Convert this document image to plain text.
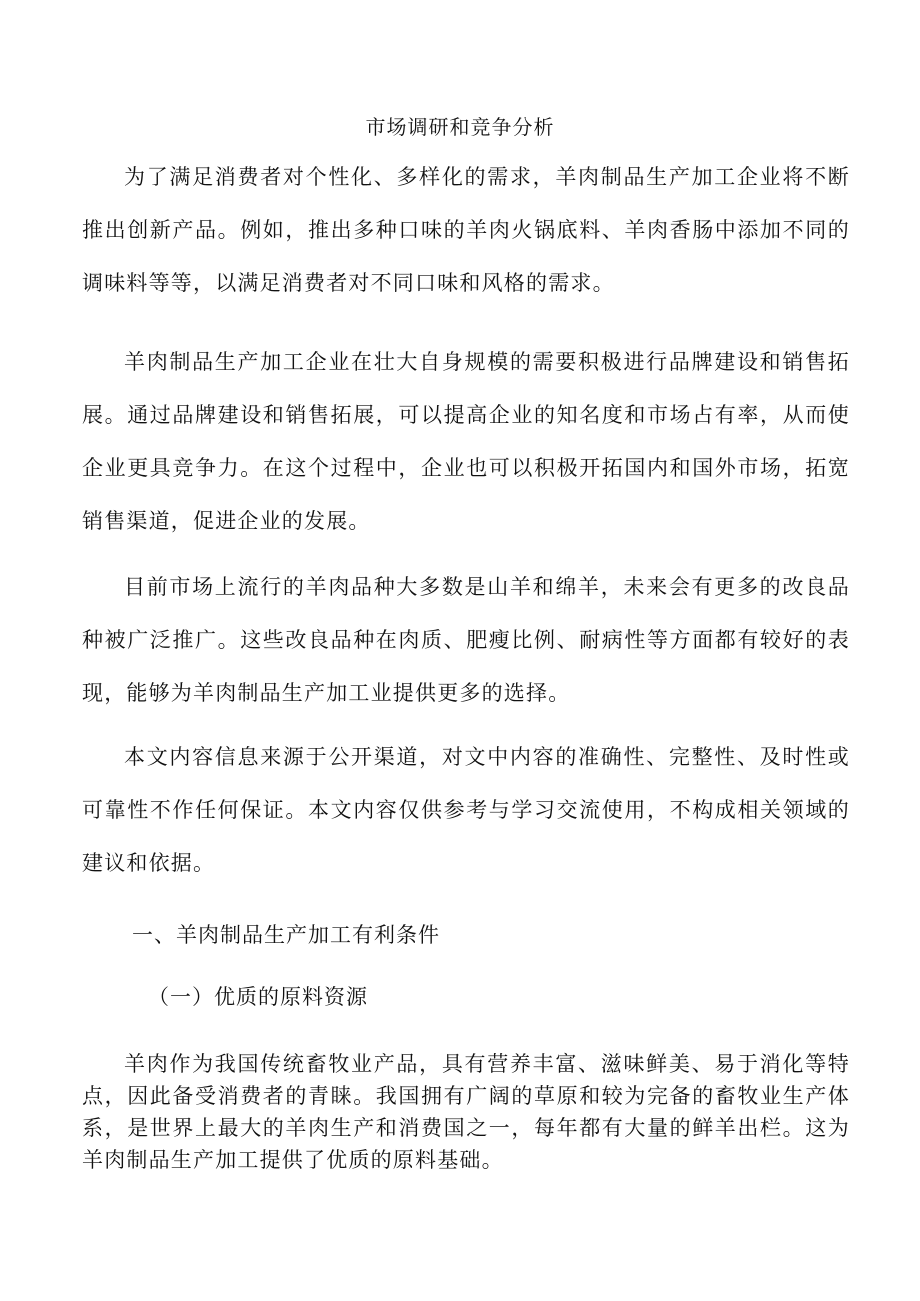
市场调研和竞争分析

为了满足消费者对个性化、多样化的需求，羊肉制品生产加工企业将不断推出创新产品。例如，推出多种口味的羊肉火锅底料、羊肉香肠中添加不同的调味料等等，以满足消费者对不同口味和风格的需求。

羊肉制品生产加工企业在壮大自身规模的需要积极进行品牌建设和销售拓展。通过品牌建设和销售拓展，可以提高企业的知名度和市场占有率，从而使企业更具竞争力。在这个过程中，企业也可以积极开拓国内和国外市场，拓宽销售渠道，促进企业的发展。

目前市场上流行的羊肉品种大多数是山羊和绵羊，未来会有更多的改良品种被广泛推广。这些改良品种在肉质、肥瘦比例、耐病性等方面都有较好的表现，能够为羊肉制品生产加工业提供更多的选择。

本文内容信息来源于公开渠道，对文中内容的准确性、完整性、及时性或可靠性不作任何保证。本文内容仅供参考与学习交流使用，不构成相关领域的建议和依据。

一、羊肉制品生产加工有利条件
（一）优质的原料资源

羊肉作为我国传统畜牧业产品，具有营养丰富、滋味鲜美、易于消化等特点，因此备受消费者的青睐。我国拥有广阔的草原和较为完备的畜牧业生产体系，是世界上最大的羊肉生产和消费国之一，每年都有大量的鲜羊出栏。这为羊肉制品生产加工提供了优质的原料基础。
